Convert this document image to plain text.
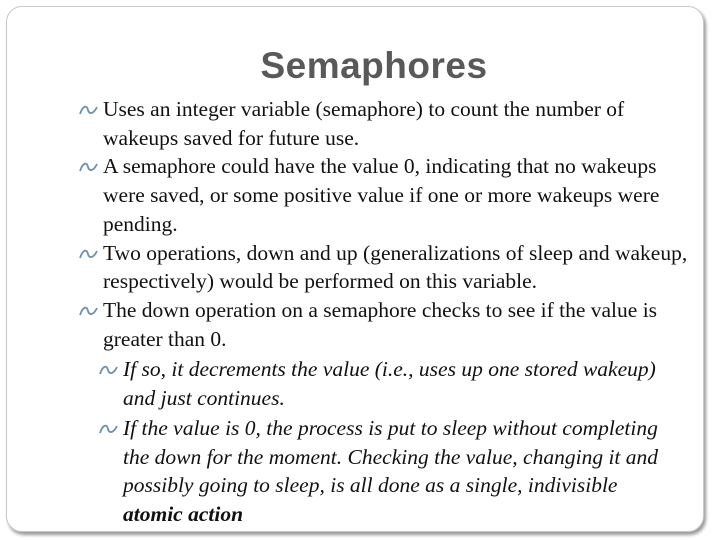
Semaphores
Uses an integer variable (semaphore) to count the number of wakeups saved for future use.
A semaphore could have the value 0, indicating that no wakeups were saved, or some positive value if one or more wakeups were pending.
Two operations, down and up (generalizations of sleep and wakeup, respectively) would be performed on this variable.
The down operation on a semaphore checks to see if the value is greater than 0.
If so, it decrements the value (i.e., uses up one stored wakeup) and just continues.
If the value is 0, the process is put to sleep without completing the down for the moment. Checking the value, changing it and possibly going to sleep, is all done as a single, indivisible atomic action
